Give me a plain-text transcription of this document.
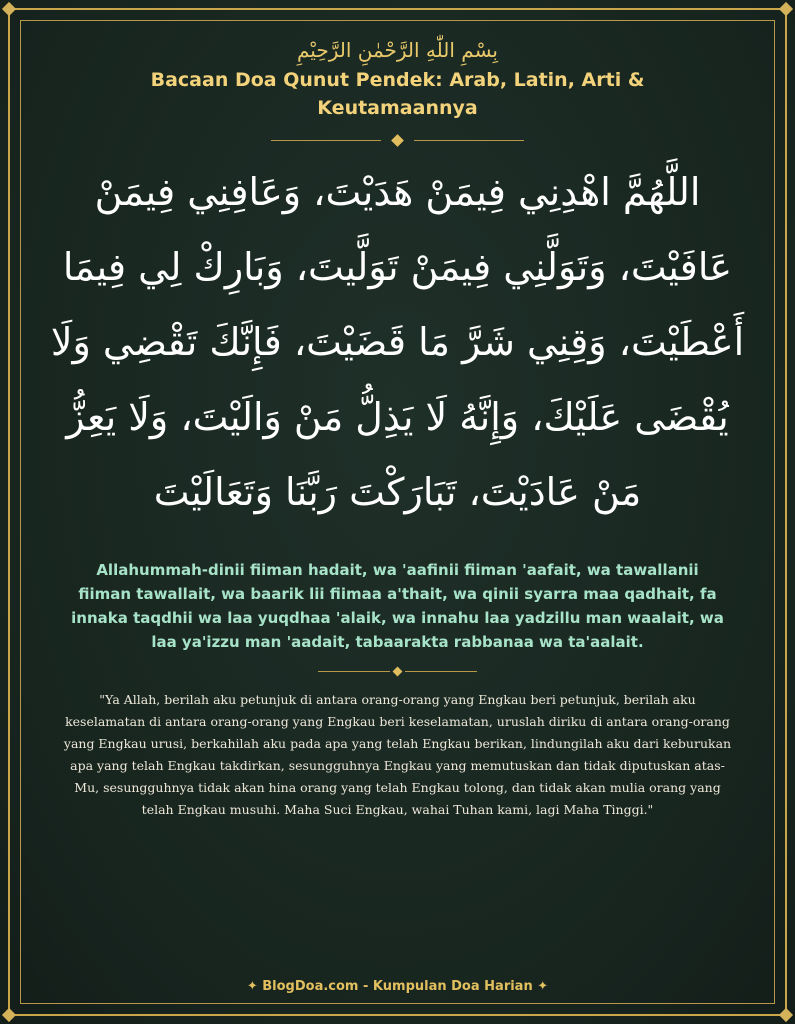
بِسْمِ اللّٰهِ الرَّحْمٰنِ الرَّحِيْمِ
Bacaan Doa Qunut Pendek: Arab, Latin, Arti & Keutamaannya
اللَّهُمَّ اهْدِنِي فِيمَنْ هَدَيْتَ، وَعَافِنِي فِيمَنْ عَافَيْتَ، وَتَوَلَّنِي فِيمَنْ تَوَلَّيتَ، وَبَارِكْ لِي فِيمَا أَعْطَيْتَ، وَقِنِي شَرَّ مَا قَضَيْتَ، فَإِنَّكَ تَقْضِي وَلَا يُقْضَى عَلَيْكَ، وَإِنَّهُ لَا يَذِلُّ مَنْ وَالَيْتَ، وَلَا يَعِزُّ مَنْ عَادَيْتَ، تَبَارَكْتَ رَبَّنَا وَتَعَالَيْتَ
Allahummah-dinii fiiman hadait, wa 'aafinii fiiman 'aafait, wa tawallanii fiiman tawallait, wa baarik lii fiimaa a'thait, wa qinii syarra maa qadhait, fa innaka taqdhii wa laa yuqdhaa 'alaik, wa innahu laa yadzillu man waalait, wa laa ya'izzu man 'aadait, tabaarakta rabbanaa wa ta'aalait.
"Ya Allah, berilah aku petunjuk di antara orang-orang yang Engkau beri petunjuk, berilah aku keselamatan di antara orang-orang yang Engkau beri keselamatan, uruslah diriku di antara orang-orang yang Engkau urusi, berkahilah aku pada apa yang telah Engkau berikan, lindungilah aku dari keburukan apa yang telah Engkau takdirkan, sesungguhnya Engkau yang memutuskan dan tidak diputuskan atas-Mu, sesungguhnya tidak akan hina orang yang telah Engkau tolong, dan tidak akan mulia orang yang telah Engkau musuhi. Maha Suci Engkau, wahai Tuhan kami, lagi Maha Tinggi."
✦ BlogDoa.com - Kumpulan Doa Harian ✦
